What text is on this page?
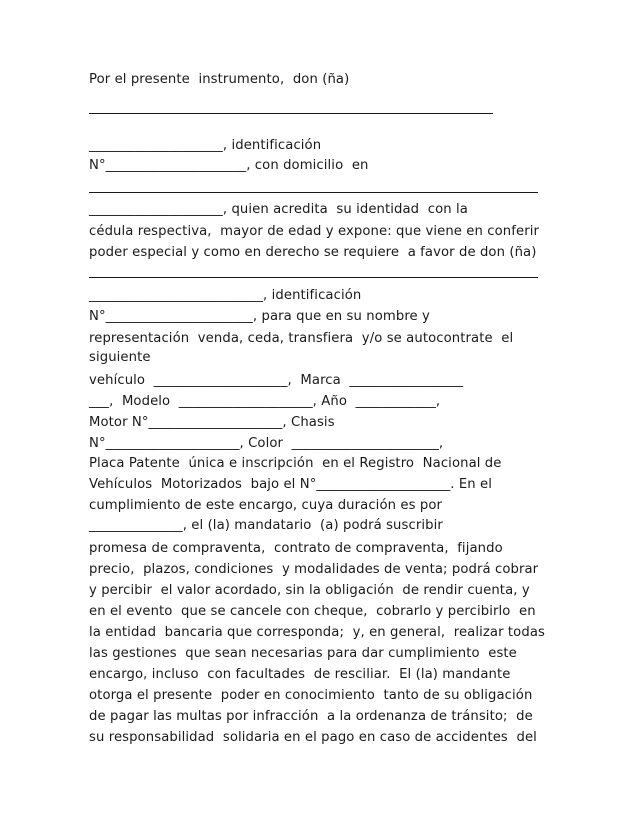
Por el presente  instrumento,  don (ña)
____________________, identificación
N°_____________________, con domicilio  en
____________________, quien acredita  su identidad  con la
cédula respectiva,  mayor de edad y expone: que viene en conferir
poder especial y como en derecho se requiere  a favor de don (ña)
__________________________, identificación
N°______________________, para que en su nombre y
representación  venda, ceda, transfiera  y/o se autocontrate  el
siguiente
vehículo  ____________________,  Marca  _________________
___,  Modelo  ____________________, Año  ____________,
Motor N°____________________, Chasis
N°____________________, Color  ______________________,
Placa Patente  única e inscripción  en el Registro  Nacional de
Vehículos  Motorizados  bajo el N°____________________. En el
cumplimiento de este encargo, cuya duración es por
______________, el (la) mandatario  (a) podrá suscribir
promesa de compraventa,  contrato de compraventa,  fijando
precio,  plazos, condiciones  y modalidades de venta; podrá cobrar
y percibir  el valor acordado, sin la obligación  de rendir cuenta, y
en el evento  que se cancele con cheque,  cobrarlo y percibirlo  en
la entidad  bancaria que corresponda;  y, en general,  realizar todas
las gestiones  que sean necesarias para dar cumplimiento  este
encargo, incluso  con facultades  de resciliar.  El (la) mandante
otorga el presente  poder en conocimiento  tanto de su obligación
de pagar las multas por infracción  a la ordenanza de tránsito;  de
su responsabilidad  solidaria en el pago en caso de accidentes  del
